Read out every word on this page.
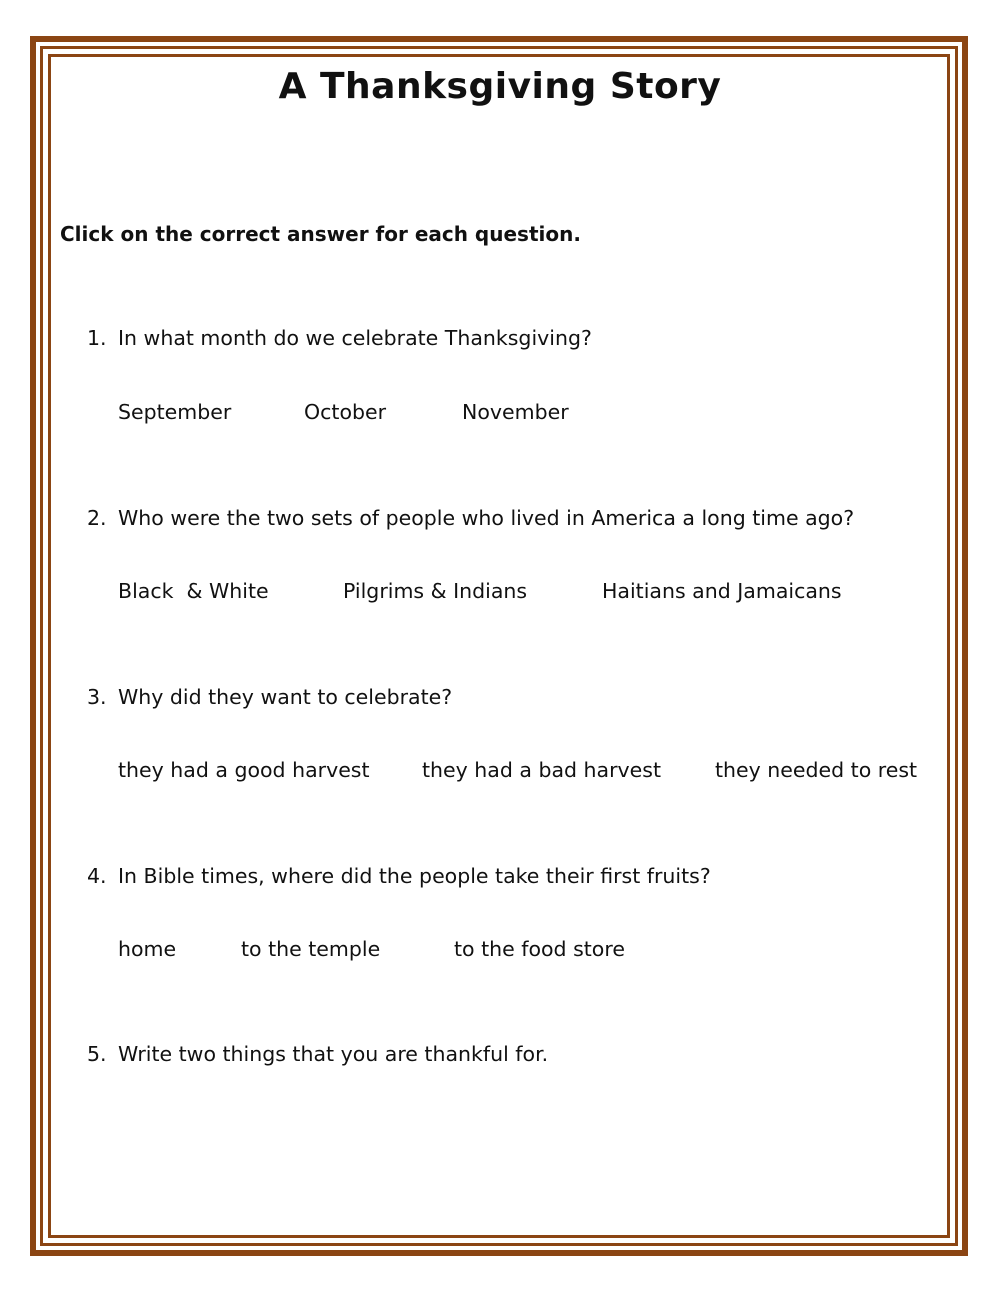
A Thanksgiving Story
Click on the correct answer for each question.
1. In what month do we celebrate Thanksgiving?
September	October	November
2. Who were the two sets of people who lived in America a long time ago?
Black  & White	Pilgrims & Indians	Haitians and Jamaicans
3. Why did they want to celebrate?
they had a good harvest	they had a bad harvest	they needed to rest
4. In Bible times, where did the people take their first fruits?
home	to the temple	to the food store
5. Write two things that you are thankful for.
